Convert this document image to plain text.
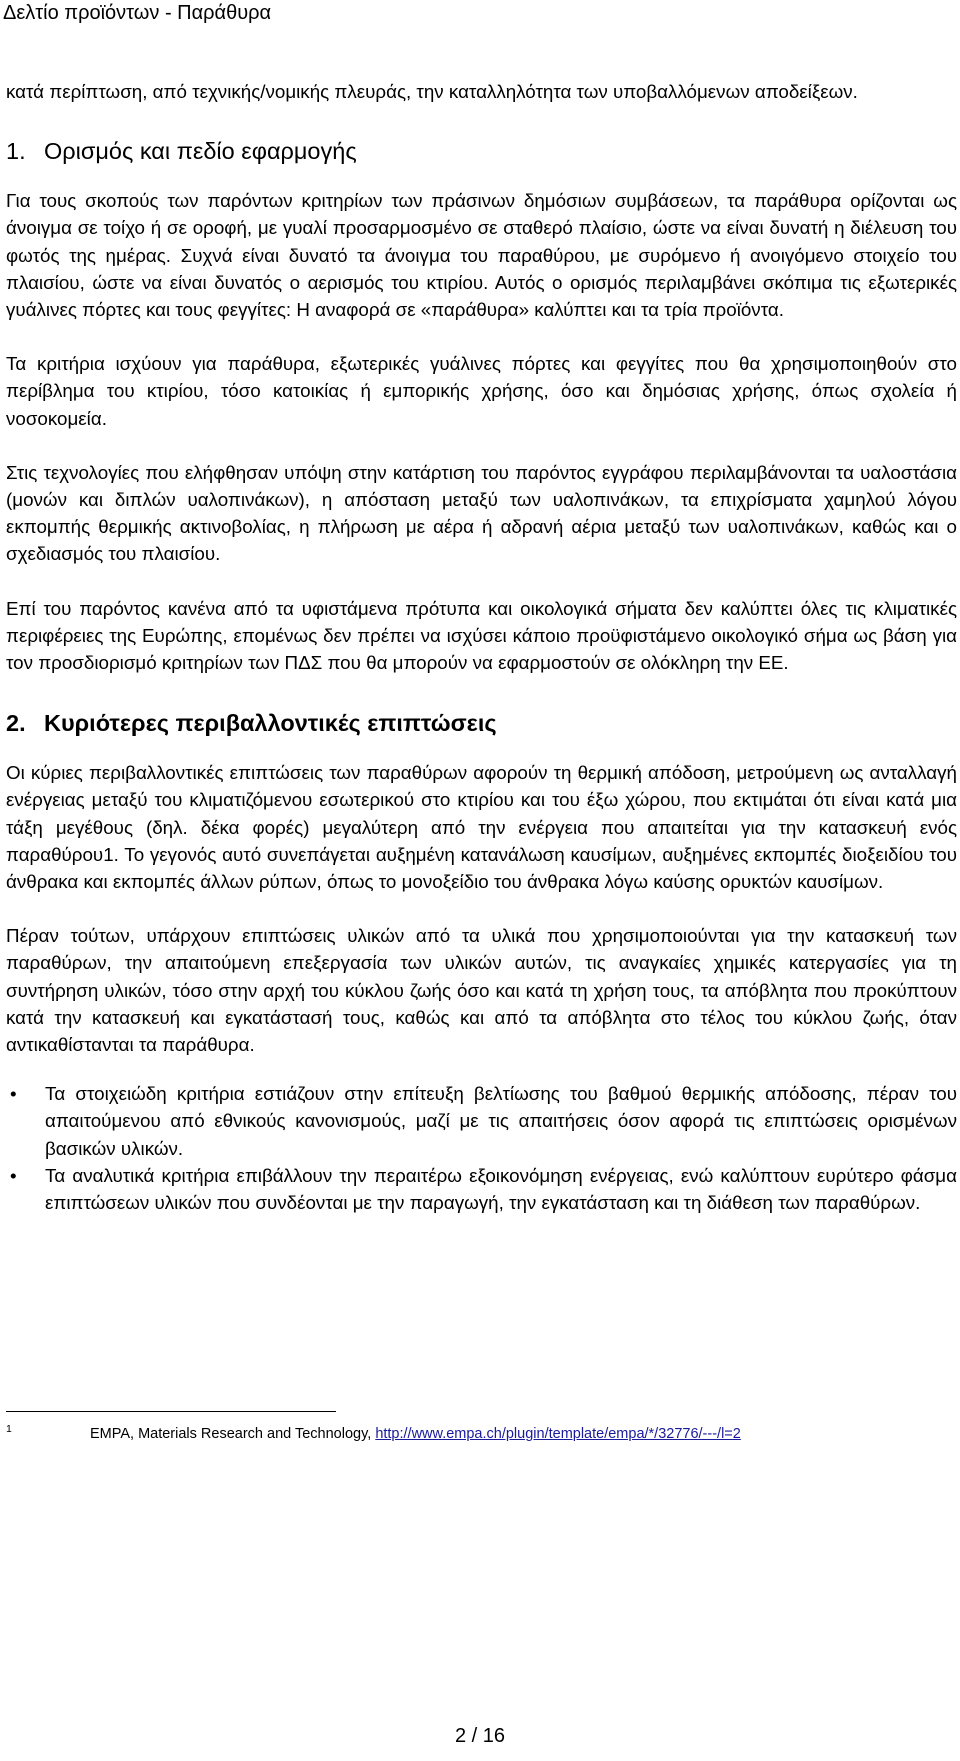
Δελτίο προϊόντων - Παράθυρα

κατά περίπτωση, από τεχνικής/νομικής πλευράς, την καταλληλότητα των υποβαλλόμενων αποδείξεων.

1. Ορισμός και πεδίο εφαρμογής

Για τους σκοπούς των παρόντων κριτηρίων των πράσινων δημόσιων συμβάσεων, τα παράθυρα ορίζονται ως άνοιγμα σε τοίχο ή σε οροφή, με γυαλί προσαρμοσμένο σε σταθερό πλαίσιο, ώστε να είναι δυνατή η διέλευση του φωτός της ημέρας. Συχνά είναι δυνατό τα άνοιγμα του παραθύρου, με συρόμενο ή ανοιγόμενο στοιχείο του πλαισίου, ώστε να είναι δυνατός ο αερισμός του κτιρίου. Αυτός ο ορισμός περιλαμβάνει σκόπιμα τις εξωτερικές γυάλινες πόρτες και τους φεγγίτες: Η αναφορά σε «παράθυρα» καλύπτει και τα τρία προϊόντα.

Τα κριτήρια ισχύουν για παράθυρα, εξωτερικές γυάλινες πόρτες και φεγγίτες που θα χρησιμοποιηθούν στο περίβλημα του κτιρίου, τόσο κατοικίας ή εμπορικής χρήσης, όσο και δημόσιας χρήσης, όπως σχολεία ή νοσοκομεία.

Στις τεχνολογίες που ελήφθησαν υπόψη στην κατάρτιση του παρόντος εγγράφου περιλαμβάνονται τα υαλοστάσια (μονών και διπλών υαλοπινάκων), η απόσταση μεταξύ των υαλοπινάκων, τα επιχρίσματα χαμηλού λόγου εκπομπής θερμικής ακτινοβολίας, η πλήρωση με αέρα ή αδρανή αέρια μεταξύ των υαλοπινάκων, καθώς και ο σχεδιασμός του πλαισίου.

Επί του παρόντος κανένα από τα υφιστάμενα πρότυπα και οικολογικά σήματα δεν καλύπτει όλες τις κλιματικές περιφέρειες της Ευρώπης, επομένως δεν πρέπει να ισχύσει κάποιο προϋφιστάμενο οικολογικό σήμα ως βάση για τον προσδιορισμό κριτηρίων των ΠΔΣ που θα μπορούν να εφαρμοστούν σε ολόκληρη την ΕΕ.

2. Κυριότερες περιβαλλοντικές επιπτώσεις

Οι κύριες περιβαλλοντικές επιπτώσεις των παραθύρων αφορούν τη θερμική απόδοση, μετρούμενη ως ανταλλαγή ενέργειας μεταξύ του κλιματιζόμενου εσωτερικού στο κτιρίου και του έξω χώρου, που εκτιμάται ότι είναι κατά μια τάξη μεγέθους (δηλ. δέκα φορές) μεγαλύτερη από την ενέργεια που απαιτείται για την κατασκευή ενός παραθύρου1. Το γεγονός αυτό συνεπάγεται αυξημένη κατανάλωση καυσίμων, αυξημένες εκπομπές διοξειδίου του άνθρακα και εκπομπές άλλων ρύπων, όπως το μονοξείδιο του άνθρακα λόγω καύσης ορυκτών καυσίμων.

Πέραν τούτων, υπάρχουν επιπτώσεις υλικών από τα υλικά που χρησιμοποιούνται για την κατασκευή των παραθύρων, την απαιτούμενη επεξεργασία των υλικών αυτών, τις αναγκαίες χημικές κατεργασίες για τη συντήρηση υλικών, τόσο στην αρχή του κύκλου ζωής όσο και κατά τη χρήση τους, τα απόβλητα που προκύπτουν κατά την κατασκευή και εγκατάστασή τους, καθώς και από τα απόβλητα στο τέλος του κύκλου ζωής, όταν αντικαθίστανται τα παράθυρα.

•	Τα στοιχειώδη κριτήρια εστιάζουν στην επίτευξη βελτίωσης του βαθμού θερμικής απόδοσης, πέραν του απαιτούμενου από εθνικούς κανονισμούς, μαζί με τις απαιτήσεις όσον αφορά τις επιπτώσεις ορισμένων βασικών υλικών.
•	Τα αναλυτικά κριτήρια επιβάλλουν την περαιτέρω εξοικονόμηση ενέργειας, ενώ καλύπτουν ευρύτερο φάσμα επιπτώσεων υλικών που συνδέονται με την παραγωγή, την εγκατάσταση και τη διάθεση των παραθύρων.
$^1$	EMPA, Materials Research and Technology, http://www.empa.ch/plugin/template/empa/*/32776/---/l=2
2 / 16
